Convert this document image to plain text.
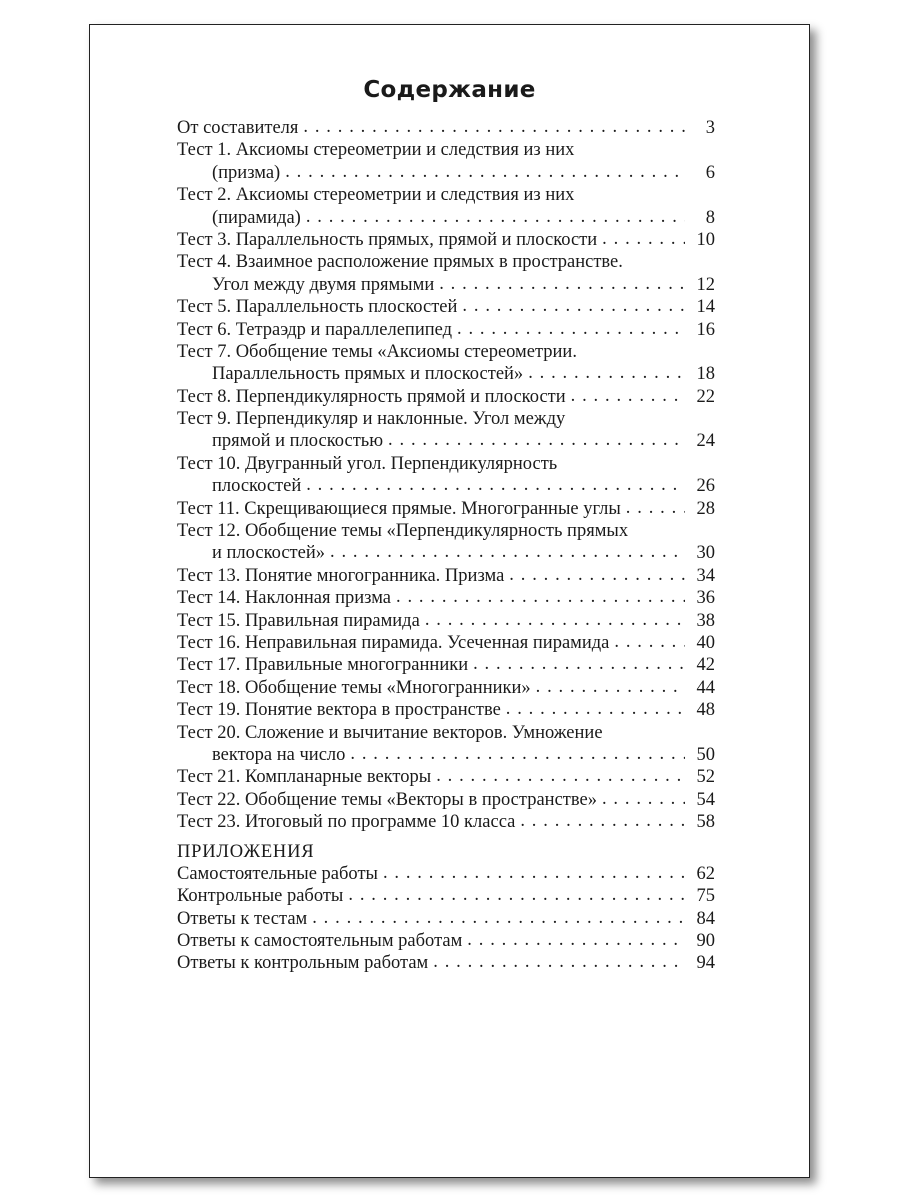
Содержание
От составителя . . .	3
Тест 1. Аксиомы стереометрии и следствия из них
(призма) . . .	6
Тест 2. Аксиомы стереометрии и следствия из них
(пирамида) . . .	8
Тест 3. Параллельность прямых, прямой и плоскости . . .	10
Тест 4. Взаимное расположение прямых в пространстве.
Угол между двумя прямыми . . .	12
Тест 5. Параллельность плоскостей . . .	14
Тест 6. Тетраэдр и параллелепипед . . .	16
Тест 7. Обобщение темы «Аксиомы стереометрии.
Параллельность прямых и плоскостей» . . .	18
Тест 8. Перпендикулярность прямой и плоскости . . .	22
Тест 9. Перпендикуляр и наклонные. Угол между
прямой и плоскостью . . .	24
Тест 10. Двугранный угол. Перпендикулярность
плоскостей . . .	26
Тест 11. Скрещивающиеся прямые. Многогранные углы . . .	28
Тест 12. Обобщение темы «Перпендикулярность прямых
и плоскостей» . . .	30
Тест 13. Понятие многогранника. Призма . . .	34
Тест 14. Наклонная призма . . .	36
Тест 15. Правильная пирамида . . .	38
Тест 16. Неправильная пирамида. Усеченная пирамида . . .	40
Тест 17. Правильные многогранники . . .	42
Тест 18. Обобщение темы «Многогранники» . . .	44
Тест 19. Понятие вектора в пространстве . . .	48
Тест 20. Сложение и вычитание векторов. Умножение
вектора на число . . .	50
Тест 21. Компланарные векторы . . .	52
Тест 22. Обобщение темы «Векторы в пространстве» . . .	54
Тест 23. Итоговый по программе 10 класса . . .	58
ПРИЛОЖЕНИЯ
Самостоятельные работы . . .	62
Контрольные работы . . .	75
Ответы к тестам . . .	84
Ответы к самостоятельным работам . . .	90
Ответы к контрольным работам . . .	94
